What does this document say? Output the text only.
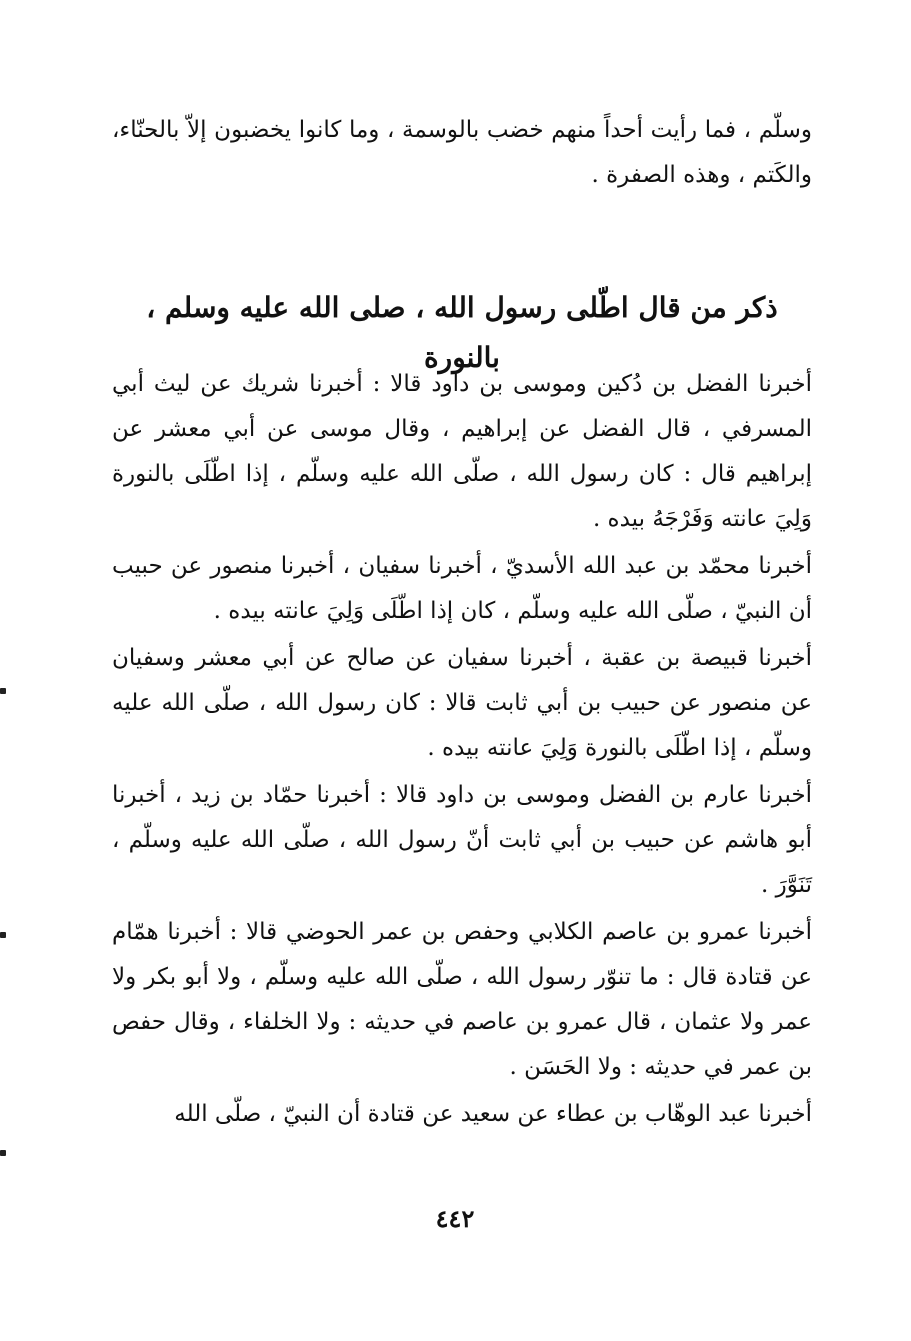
وسلّم ، فما رأيت أحداً منهم خضب بالوسمة ، وما كانوا يخضبون إلاّ بالحنّاء، والكَتم ، وهذه الصفرة .

ذكر من قال اطّلى رسول الله ، صلى الله عليه وسلم ، بالنورة

أخبرنا الفضل بن دُكين وموسى بن داود قالا : أخبرنا شريك عن ليث أبي المسرفي ، قال الفضل عن إبراهيم ، وقال موسى عن أبي معشر عن إبراهيم قال : كان رسول الله ، صلّى الله عليه وسلّم ، إذا اطّلَى بالنورة وَلِيَ عانته وَفَرْجَهُ بيده .

أخبرنا محمّد بن عبد الله الأسديّ ، أخبرنا سفيان ، أخبرنا منصور عن حبيب أن النبيّ ، صلّى الله عليه وسلّم ، كان إذا اطّلَى وَلِيَ عانته بيده .

أخبرنا قبيصة بن عقبة ، أخبرنا سفيان عن صالح عن أبي معشر وسفيان عن منصور عن حبيب بن أبي ثابت قالا : كان رسول الله ، صلّى الله عليه وسلّم ، إذا اطّلَى بالنورة وَلِيَ عانته بيده .

أخبرنا عارم بن الفضل وموسى بن داود قالا : أخبرنا حمّاد بن زيد ، أخبرنا أبو هاشم عن حبيب بن أبي ثابت أنّ رسول الله ، صلّى الله عليه وسلّم ، تَنَوَّرَ .

أخبرنا عمرو بن عاصم الكلابي وحفص بن عمر الحوضي قالا : أخبرنا همّام عن قتادة قال : ما تنوّر رسول الله ، صلّى الله عليه وسلّم ، ولا أبو بكر ولا عمر ولا عثمان ، قال عمرو بن عاصم في حديثه : ولا الخلفاء ، وقال حفص بن عمر في حديثه : ولا الحَسَن .

أخبرنا عبد الوهّاب بن عطاء عن سعيد عن قتادة أن النبيّ ، صلّى الله

٤٤٢
